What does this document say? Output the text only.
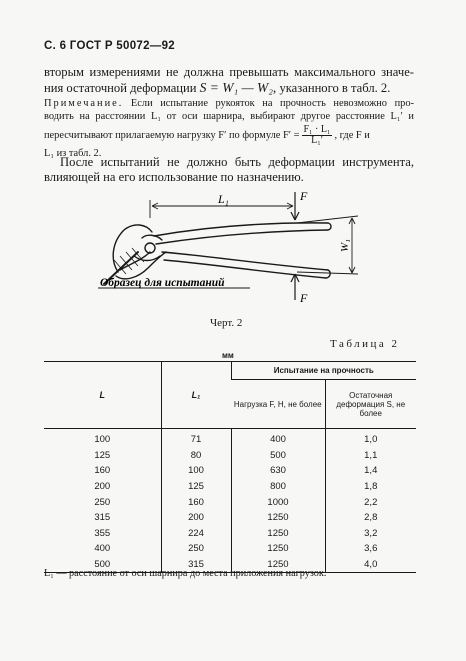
С. 6 ГОСТ Р 50072—92
вторым измерениями не должна превышать максимального значе-
ния остаточной деформации S = W₁ — W₂, указанного в табл. 2.
Примечание. Если испытание рукояток на прочность невозможно про-
водить на расстоянии L₁ от оси шарнира, выбирают другое расстояние L₁′ и
пересчитывают прилагаемую нагрузку F′ по формуле $F' = \frac{\text{F₁ · L₁}}{\text{L₁′}}$ , где F и
L₁ из табл. 2.
После испытаний не должно быть деформации инструмента,
влияющей на его использование по назначению.
L₁	F
F
W₁
Образец для испытаний
Черт. 2
Таблица 2
мм
L	L₁	Испытание на прочность	
		Нагрузка F, Н, не более	Остаточная деформация S, не более
100	71	400	1,0
125	80	500	1,1
160	100	630	1,4
200	125	800	1,8
250	160	1000	2,2
315	200	1250	2,8
355	224	1250	3,2
400	250	1250	3,6
500	315	1250	4,0
L₁ — расстояние от оси шарнира до места приложения нагрузок.
